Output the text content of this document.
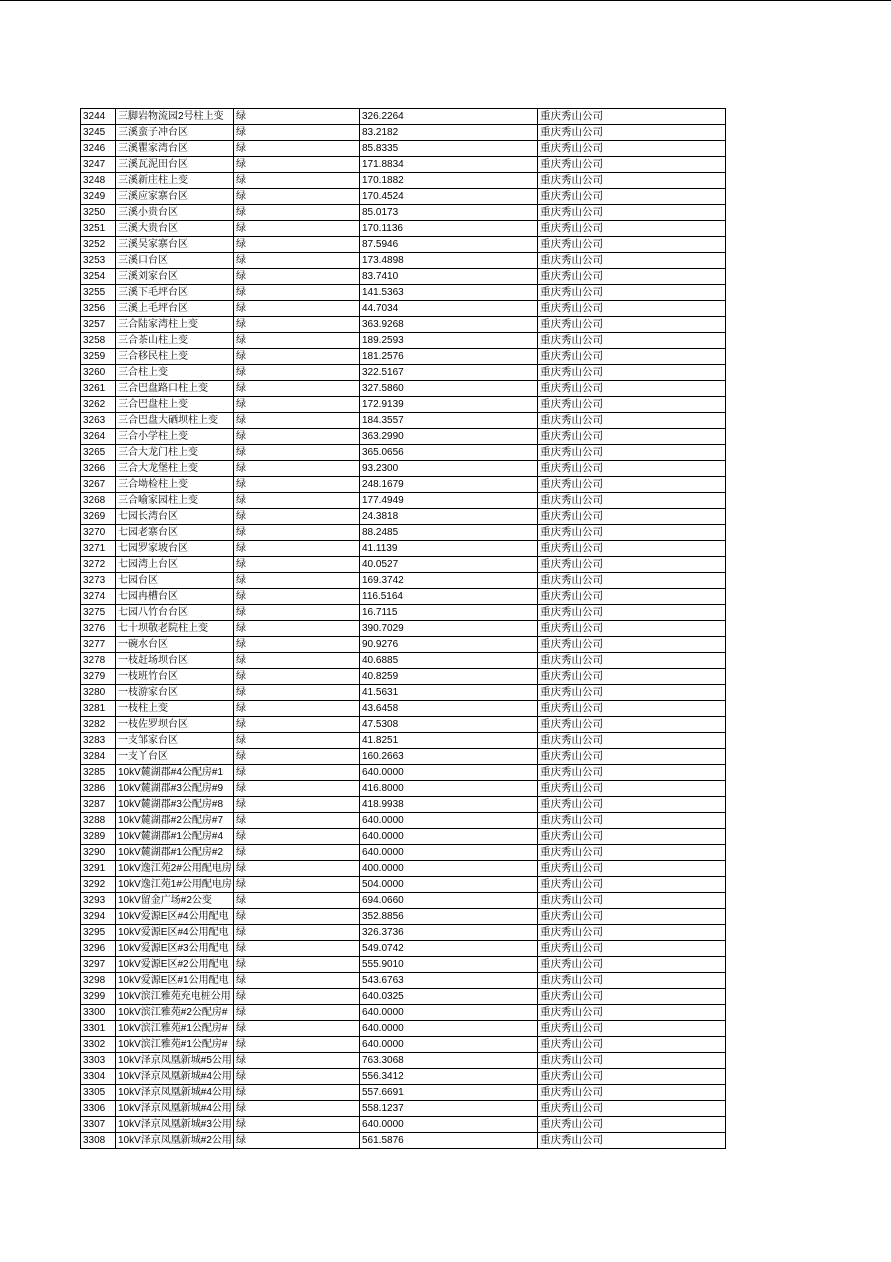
3244	三脚岩物流园2号柱上变	绿	326.2264	重庆秀山公司
3245	三溪蛮子冲台区	绿	83.2182	重庆秀山公司
3246	三溪瞿家湾台区	绿	85.8335	重庆秀山公司
3247	三溪瓦泥田台区	绿	171.8834	重庆秀山公司
3248	三溪新庄柱上变	绿	170.1882	重庆秀山公司
3249	三溪应家寨台区	绿	170.4524	重庆秀山公司
3250	三溪小贵台区	绿	85.0173	重庆秀山公司
3251	三溪大贵台区	绿	170.1136	重庆秀山公司
3252	三溪吴家寨台区	绿	87.5946	重庆秀山公司
3253	三溪口台区	绿	173.4898	重庆秀山公司
3254	三溪刘家台区	绿	83.7410	重庆秀山公司
3255	三溪下毛坪台区	绿	141.5363	重庆秀山公司
3256	三溪上毛坪台区	绿	44.7034	重庆秀山公司
3257	三合陆家湾柱上变	绿	363.9268	重庆秀山公司
3258	三合茶山柱上变	绿	189.2593	重庆秀山公司
3259	三合移民柱上变	绿	181.2576	重庆秀山公司
3260	三合柱上变	绿	322.5167	重庆秀山公司
3261	三合巴盘路口柱上变	绿	327.5860	重庆秀山公司
3262	三合巴盘柱上变	绿	172.9139	重庆秀山公司
3263	三合巴盘大硒坝柱上变	绿	184.3557	重庆秀山公司
3264	三合小学柱上变	绿	363.2990	重庆秀山公司
3265	三合大龙门柱上变	绿	365.0656	重庆秀山公司
3266	三合大龙堡柱上变	绿	93.2300	重庆秀山公司
3267	三合坳检柱上变	绿	248.1679	重庆秀山公司
3268	三合喻家园柱上变	绿	177.4949	重庆秀山公司
3269	七园长湾台区	绿	24.3818	重庆秀山公司
3270	七园老寨台区	绿	88.2485	重庆秀山公司
3271	七园罗家坡台区	绿	41.1139	重庆秀山公司
3272	七园湾上台区	绿	40.0527	重庆秀山公司
3273	七园台区	绿	169.3742	重庆秀山公司
3274	七园冉槽台区	绿	116.5164	重庆秀山公司
3275	七园八竹台台区	绿	16.7115	重庆秀山公司
3276	七十坝敬老院柱上变	绿	390.7029	重庆秀山公司
3277	一碗水台区	绿	90.9276	重庆秀山公司
3278	一枝赶场坝台区	绿	40.6885	重庆秀山公司
3279	一枝班竹台区	绿	40.8259	重庆秀山公司
3280	一枝游家台区	绿	41.5631	重庆秀山公司
3281	一枝柱上变	绿	43.6458	重庆秀山公司
3282	一枝佐罗坝台区	绿	47.5308	重庆秀山公司
3283	一支邹家台区	绿	41.8251	重庆秀山公司
3284	一支丫台区	绿	160.2663	重庆秀山公司
3285	10kV麓湖郡#4公配房#1	绿	640.0000	重庆秀山公司
3286	10kV麓湖郡#3公配房#9	绿	416.8000	重庆秀山公司
3287	10kV麓湖郡#3公配房#8	绿	418.9938	重庆秀山公司
3288	10kV麓湖郡#2公配房#7	绿	640.0000	重庆秀山公司
3289	10kV麓湖郡#1公配房#4	绿	640.0000	重庆秀山公司
3290	10kV麓湖郡#1公配房#2	绿	640.0000	重庆秀山公司
3291	10kV逸江苑2#公用配电房	绿	400.0000	重庆秀山公司
3292	10kV逸江苑1#公用配电房	绿	504.0000	重庆秀山公司
3293	10kV留金广场#2公变	绿	694.0660	重庆秀山公司
3294	10kV爱源E区#4公用配电	绿	352.8856	重庆秀山公司
3295	10kV爱源E区#4公用配电	绿	326.3736	重庆秀山公司
3296	10kV爱源E区#3公用配电	绿	549.0742	重庆秀山公司
3297	10kV爱源E区#2公用配电	绿	555.9010	重庆秀山公司
3298	10kV爱源E区#1公用配电	绿	543.6763	重庆秀山公司
3299	10kV滨江雅苑充电桩公用	绿	640.0325	重庆秀山公司
3300	10kV滨江雅苑#2公配房#	绿	640.0000	重庆秀山公司
3301	10kV滨江雅苑#1公配房#	绿	640.0000	重庆秀山公司
3302	10kV滨江雅苑#1公配房#	绿	640.0000	重庆秀山公司
3303	10kV泽京凤凰新城#5公用	绿	763.3068	重庆秀山公司
3304	10kV泽京凤凰新城#4公用	绿	556.3412	重庆秀山公司
3305	10kV泽京凤凰新城#4公用	绿	557.6691	重庆秀山公司
3306	10kV泽京凤凰新城#4公用	绿	558.1237	重庆秀山公司
3307	10kV泽京凤凰新城#3公用	绿	640.0000	重庆秀山公司
3308	10kV泽京凤凰新城#2公用	绿	561.5876	重庆秀山公司
